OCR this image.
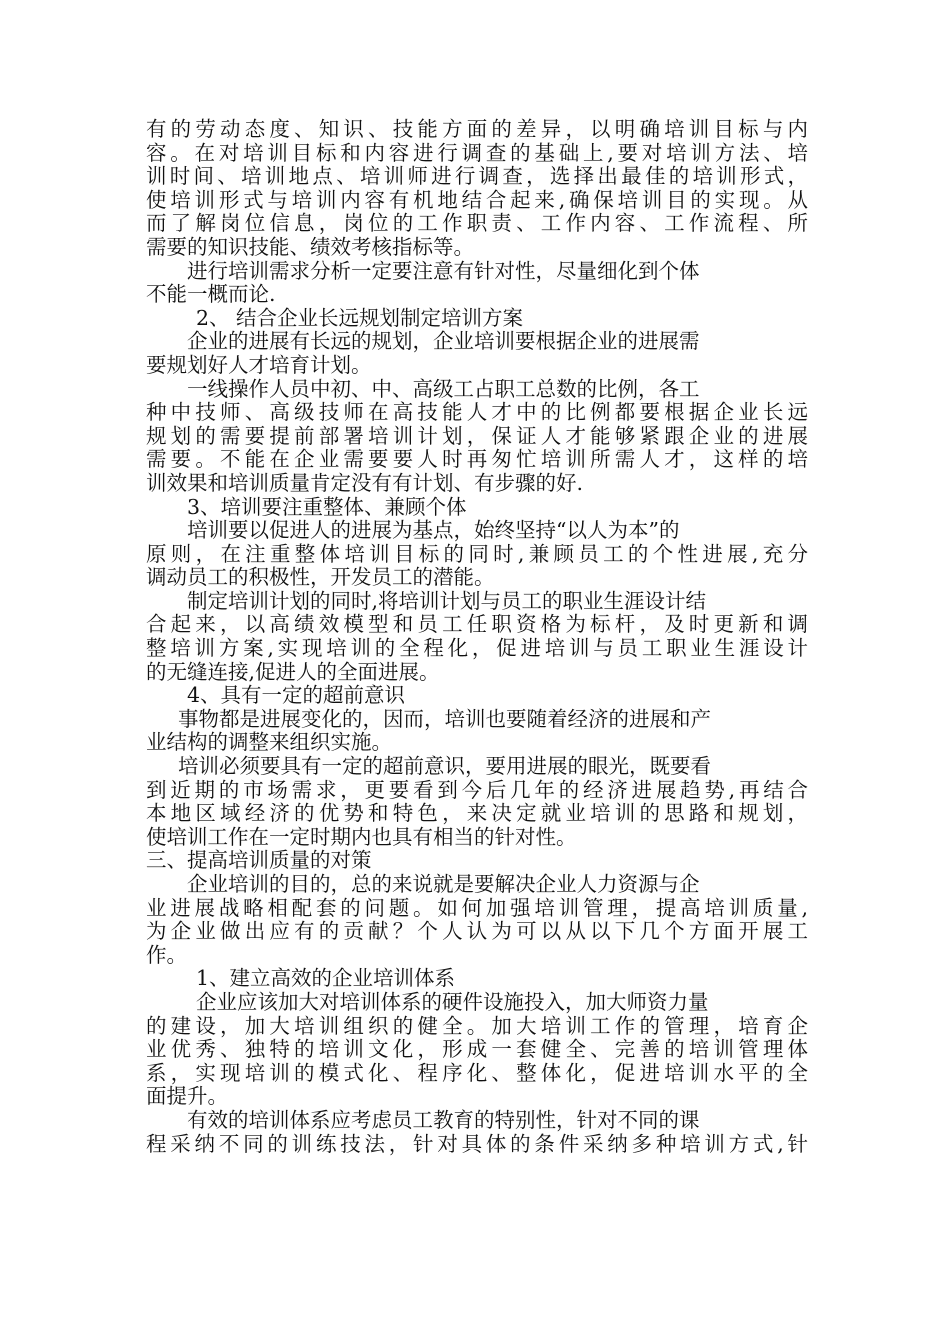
有的劳动态度、知识、技能方面的差异，以明确培训目标与内
容。在对培训目标和内容进行调查的基础上,要对培训方法、培
训时间、培训地点、培训师进行调查，选择出最佳的培训形式，
使培训形式与培训内容有机地结合起来,确保培训目的实现。从
而了解岗位信息，岗位的工作职责、工作内容、工作流程、所
需要的知识技能、绩效考核指标等。
进行培训需求分析一定要注意有针对性，尽量细化到个体
不能一概而论.
2、 结合企业长远规划制定培训方案
企业的进展有长远的规划，企业培训要根据企业的进展需
要规划好人才培育计划。
一线操作人员中初、中、高级工占职工总数的比例，各工
种中技师、高级技师在高技能人才中的比例都要根据企业长远
规划的需要提前部署培训计划，保证人才能够紧跟企业的进展
需要。不能在企业需要要人时再匆忙培训所需人才，这样的培
训效果和培训质量肯定没有有计划、有步骤的好.
3、培训要注重整体、兼顾个体
培训要以促进人的进展为基点，始终坚持“以人为本”的
原则，在注重整体培训目标的同时,兼顾员工的个性进展,充分
调动员工的积极性，开发员工的潜能。
制定培训计划的同时,将培训计划与员工的职业生涯设计结
合起来，以高绩效模型和员工任职资格为标杆，及时更新和调
整培训方案,实现培训的全程化，促进培训与员工职业生涯设计
的无缝连接,促进人的全面进展。
4、具有一定的超前意识
事物都是进展变化的，因而，培训也要随着经济的进展和产
业结构的调整来组织实施。
培训必须要具有一定的超前意识，要用进展的眼光，既要看
到近期的市场需求，更要看到今后几年的经济进展趋势,再结合
本地区域经济的优势和特色，来决定就业培训的思路和规划，
使培训工作在一定时期内也具有相当的针对性。
三、提高培训质量的对策
企业培训的目的，总的来说就是要解决企业人力资源与企
业进展战略相配套的问题。如何加强培训管理，提高培训质量,
为企业做出应有的贡献？个人认为可以从以下几个方面开展工
作。
1、建立高效的企业培训体系
企业应该加大对培训体系的硬件设施投入，加大师资力量
的建设，加大培训组织的健全。加大培训工作的管理，培育企
业优秀、独特的培训文化，形成一套健全、完善的培训管理体
系，实现培训的模式化、程序化、整体化，促进培训水平的全
面提升。
有效的培训体系应考虑员工教育的特别性，针对不同的课
程采纳不同的训练技法，针对具体的条件采纳多种培训方式,针
